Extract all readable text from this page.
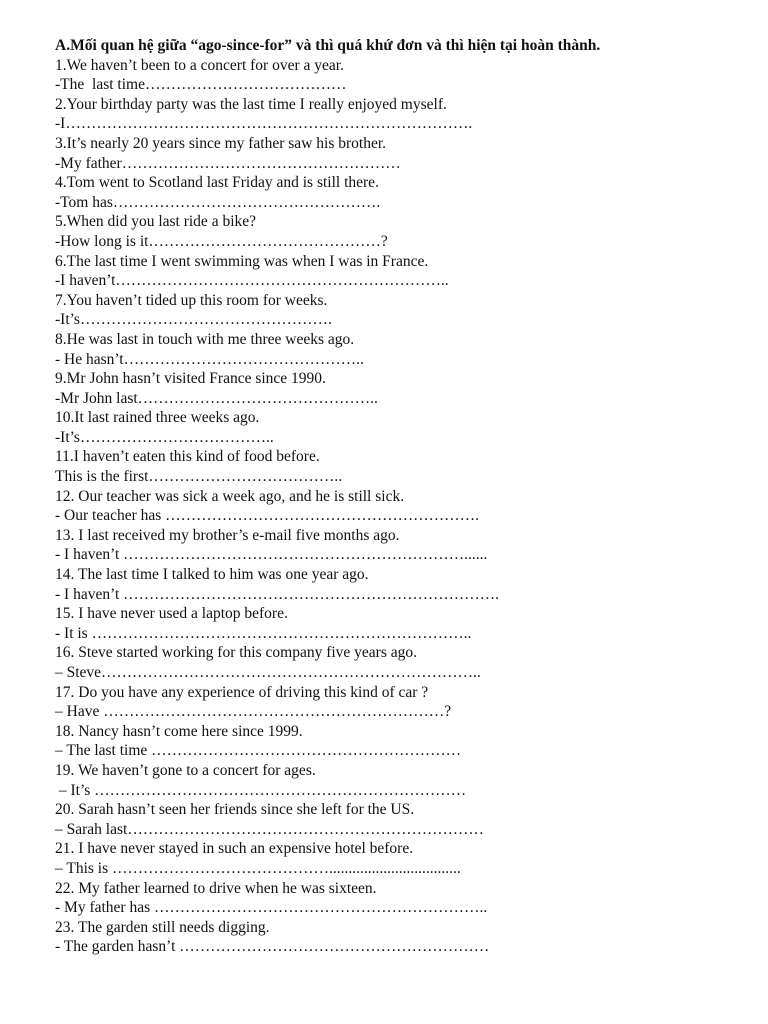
A.Mối quan hệ giữa “ago-since-for” và thì quá khứ đơn và thì hiện tại hoàn thành.
1.We haven’t been to a concert for over a year.
-The  last time…………………………………
2.Your birthday party was the last time I really enjoyed myself.
-I…………………………………………………………………….
3.It’s nearly 20 years since my father saw his brother.
-My father………………………………………………
4.Tom went to Scotland last Friday and is still there.
-Tom has…………………………………………….
5.When did you last ride a bike?
-How long is it………………………………………?
6.The last time I went swimming was when I was in France.
-I haven’t………………………………………………………..
7.You haven’t tided up this room for weeks.
-It’s………………………………………….
8.He was last in touch with me three weeks ago.
- He hasn’t………………………………………..
9.Mr John hasn’t visited France since 1990.
-Mr John last………………………………………..
10.It last rained three weeks ago.
-It’s………………………………..
11.I haven’t eaten this kind of food before.
This is the first………………………………..
12. Our teacher was sick a week ago, and he is still sick.
- Our teacher has …………………………………………………….
13. I last received my brother’s e-mail five months ago.
- I haven’t …………………………………………………………......
14. The last time I talked to him was one year ago.
- I haven’t ……………………………………………………………….
15. I have never used a laptop before.
- It is ………………………………………………………………..
16. Steve started working for this company five years ago.
– Steve………………………………………………………………..
17. Do you have any experience of driving this kind of car ?
– Have …………………………………………………………?
18. Nancy hasn’t come here since 1999.
– The last time ……………………………………………………
19. We haven’t gone to a concert for ages.
– It’s ………………………………………………………………
20. Sarah hasn’t seen her friends since she left for the US.
– Sarah last……………………………………………………………
21. I have never stayed in such an expensive hotel before.
– This is ……………………………………..................................
22. My father learned to drive when he was sixteen.
- My father has ………………………………………………………..
23. The garden still needs digging.
- The garden hasn’t ……………………………………………………
